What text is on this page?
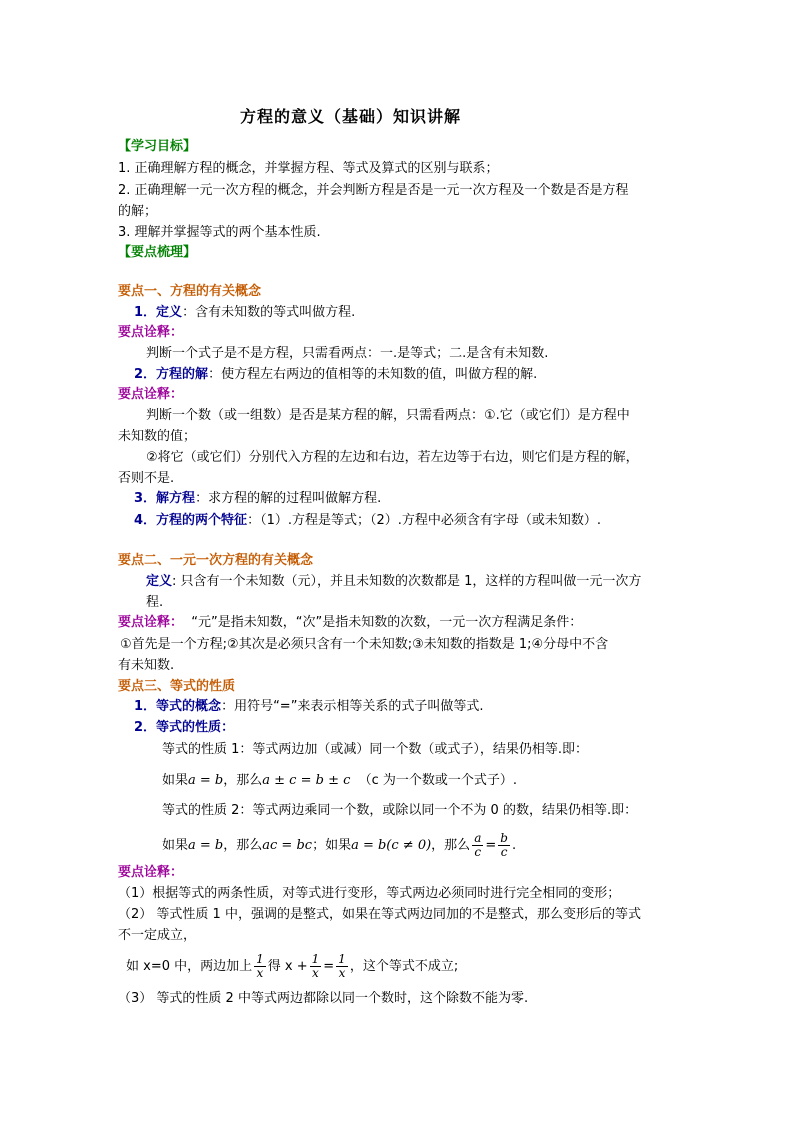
方程的意义（基础）知识讲解
【学习目标】
1. 正确理解方程的概念，并掌握方程、等式及算式的区别与联系；
2. 正确理解一元一次方程的概念，并会判断方程是否是一元一次方程及一个数是否是方程
的解；
3. 理解并掌握等式的两个基本性质.
【要点梳理】
要点一、方程的有关概念
1．定义：含有未知数的等式叫做方程.
要点诠释：
判断一个式子是不是方程，只需看两点：一.是等式；二.是含有未知数.
2．方程的解：使方程左右两边的值相等的未知数的值，叫做方程的解.
要点诠释：
判断一个数（或一组数）是否是某方程的解，只需看两点：①.它（或它们）是方程中
未知数的值；
②将它（或它们）分别代入方程的左边和右边，若左边等于右边，则它们是方程的解，
否则不是.
3．解方程：求方程的解的过程叫做解方程.
4．方程的两个特征：（1）.方程是等式；（2）.方程中必须含有字母（或未知数）.
要点二、一元一次方程的有关概念
定义: 只含有一个未知数（元），并且未知数的次数都是 1，这样的方程叫做一元一次方
程.
要点诠释： “元”是指未知数，“次”是指未知数的次数，一元一次方程满足条件：
①首先是一个方程;②其次是必须只含有一个未知数;③未知数的指数是 1;④分母中不含
有未知数.
要点三、等式的性质
1．等式的概念：用符号“=”来表示相等关系的式子叫做等式.
2．等式的性质：
等式的性质 1：等式两边加（或减）同一个数（或式子），结果仍相等.即：
如果a = b，那么a ± c = b ± c （c 为一个数或一个式子）.
等式的性质 2：等式两边乘同一个数，或除以同一个不为 0 的数，结果仍相等.即：
如果a = b，那么ac = bc；如果a = b(c ≠ 0)，那么 $\frac{a}{c} = \frac{b}{c}$ .
要点诠释：
（1）根据等式的两条性质，对等式进行变形，等式两边必须同时进行完全相同的变形；
（2） 等式性质 1 中，强调的是整式，如果在等式两边同加的不是整式，那么变形后的等式
不一定成立，
如 x=0 中，两边加上 $\frac{1}{x}$ 得 $x + \frac{1}{x} = \frac{1}{x}$ ，这个等式不成立;
（3） 等式的性质 2 中等式两边都除以同一个数时，这个除数不能为零.
